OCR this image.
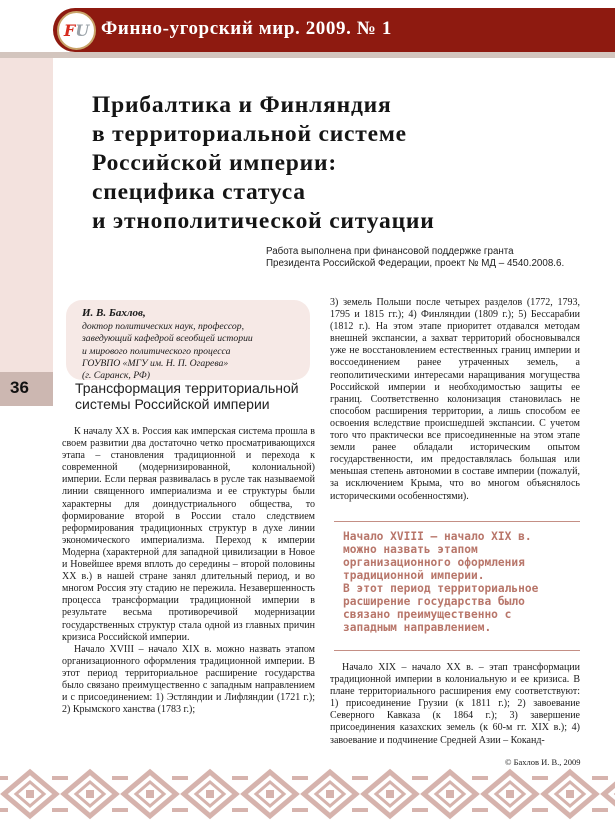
FU Финно-угорский мир. 2009. № 1
36
Прибалтика и Финляндия
в территориальной системе
Российской империи:
специфика статуса
и этнополитической ситуации
Работа выполнена при финансовой поддержке гранта
Президента Российской Федерации, проект № МД – 4540.2008.6.
И. В. Бахлов,
доктор политических наук, профессор,
заведующий кафедрой всеобщей истории
и мирового политического процесса
ГОУВПО «МГУ им. Н. П. Огарева»
(г. Саранск, РФ)
Трансформация территориальной
системы Российской империи

К началу XX в. Россия как имперская система прошла в своем развитии два достаточно четко просматривающихся этапа – становления традиционной и перехода к современной (модернизированной, колониальной) империи. Если первая развивалась в русле так называемой линии священного империализма и ее структуры были характерны для доиндустриального общества, то формирование второй в России стало следствием реформирования традиционных структур в духе линии экономического империализма. Переход к империи Модерна (характерной для западной цивилизации в Новое и Новейшее время вплоть до середины – второй половины XX в.) в нашей стране занял длительный период, и во многом Россия эту стадию не пережила. Незавершенность процесса трансформации традиционной империи в результате весьма противоречивой модернизации государственных структур стала одной из главных причин кризиса Российской империи.

Начало XVIII – начало XIX в. можно назвать этапом организационного оформления традиционной империи. В этот период территориальное расширение государства было связано преимущественно с западным направлением и с присоединением: 1) Эстляндии и Лифляндии (1721 г.); 2) Крымского ханства (1783 г.);

3) земель Польши после четырех разделов (1772, 1793, 1795 и 1815 гг.); 4) Финляндии (1809 г.); 5) Бессарабии (1812 г.). На этом этапе приоритет отдавался методам внешней экспансии, а захват территорий обосновывался уже не восстановлением естественных границ империи и воссоединением ранее утраченных земель, а геополитическими интересами наращивания могущества Российской империи и необходимостью защиты ее границ. Соответственно колонизация становилась не способом расширения территории, а лишь способом ее освоения вследствие происшедшей экспансии. С учетом того что практически все присоединенные на этом этапе земли ранее обладали историческим опытом государственности, им предоставлялась большая или меньшая степень автономии в составе империи (пожалуй, за исключением Крыма, что во многом объяснялось историческими особенностями).

Начало XVIII – начало XIX в.
можно назвать этапом
организационного оформления
традиционной империи.
В этот период территориальное
расширение государства было
связано преимущественно с
западным направлением.

Начало XIX – начало XX в. – этап трансформации традиционной империи в колониальную и ее кризиса. В плане территориального расширения ему соответствуют: 1) присоединение Грузии (к 1811 г.); 2) завоевание Северного Кавказа (к 1864 г.); 3) завершение присоединения казахских земель (к 60-м гг. XIX в.); 4) завоевание и подчинение Средней Азии – Коканд-

© Бахлов И. В., 2009
